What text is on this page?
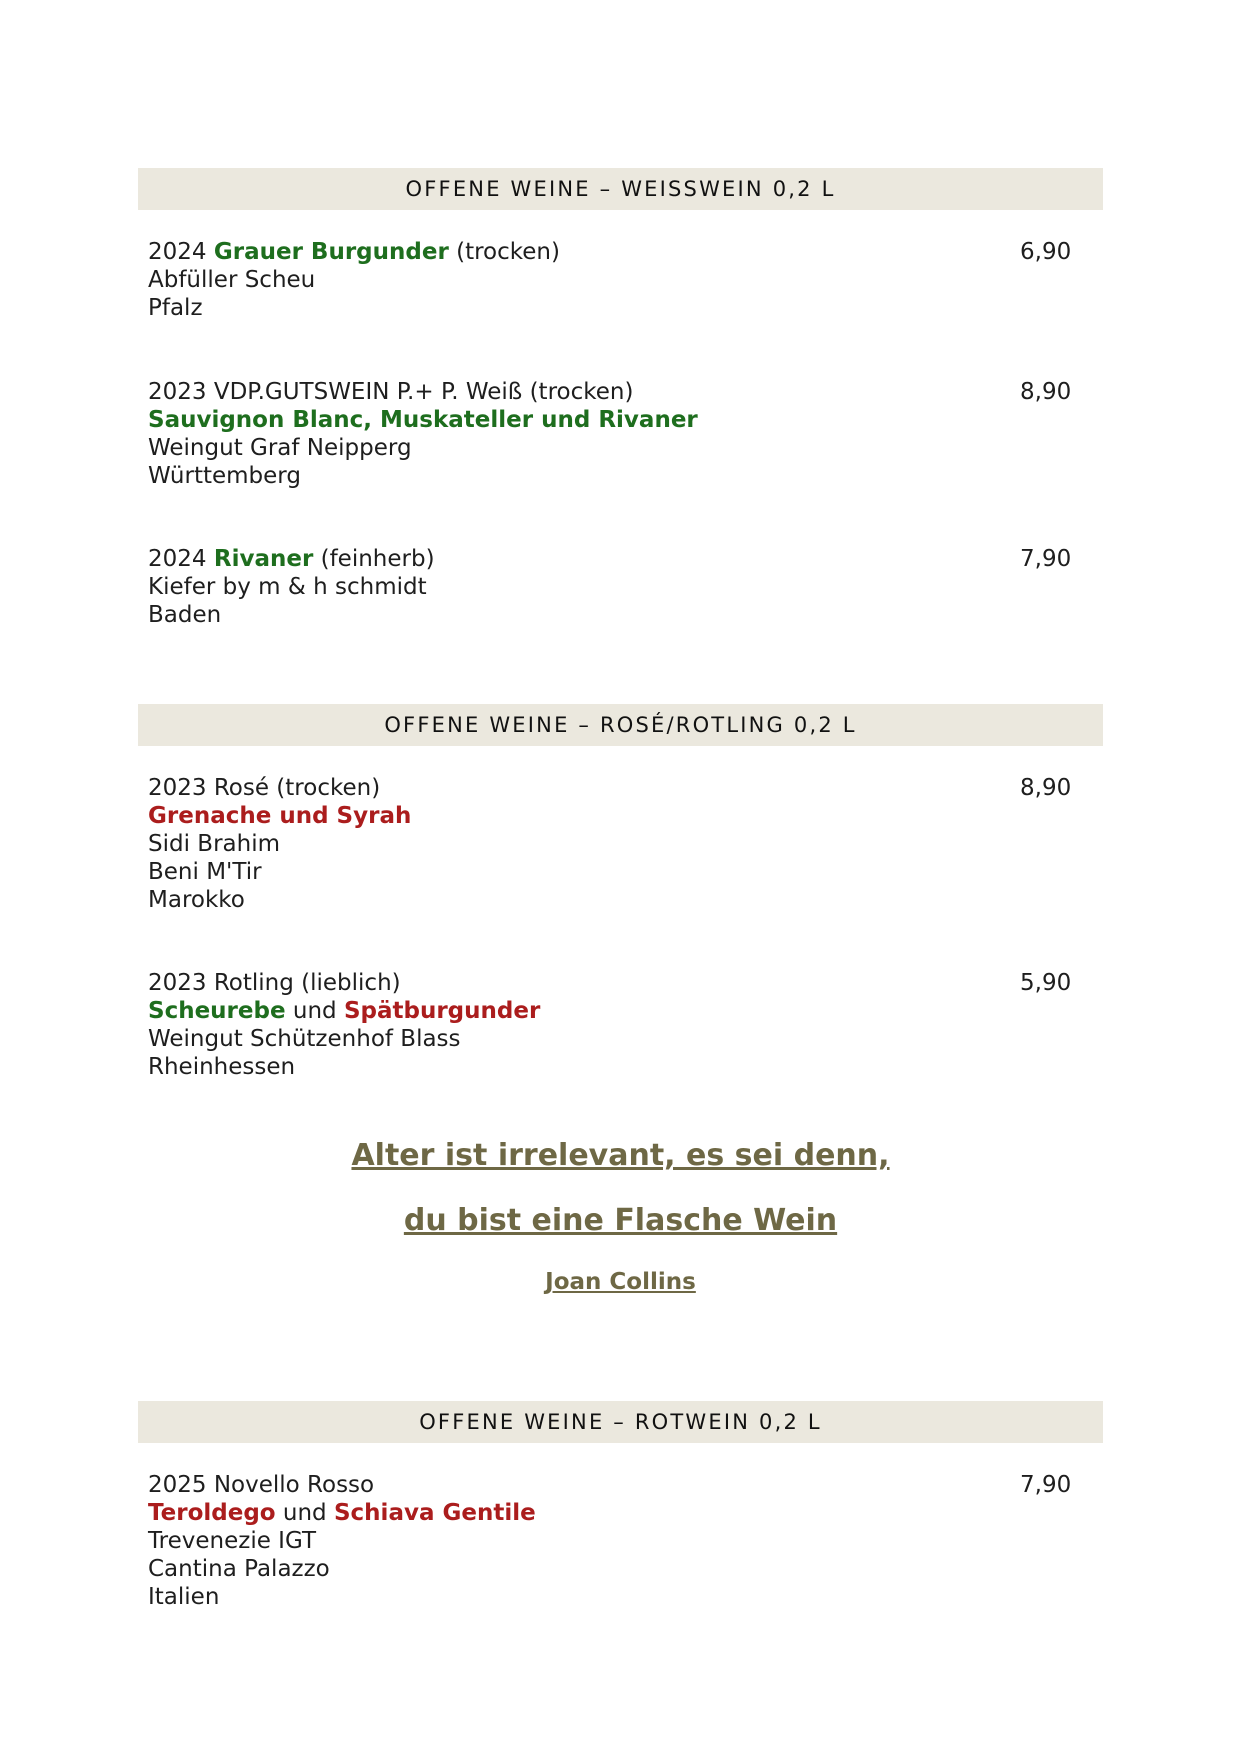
OFFENE WEINE – WEISSWEIN 0,2 L
2024 Grauer Burgunder (trocken)
Abfüller Scheu
Pfalz
6,90
2023 VDP.GUTSWEIN P.+ P. Weiß (trocken)
Sauvignon Blanc, Muskateller und Rivaner
Weingut Graf Neipperg
Württemberg
8,90
2024 Rivaner (feinherb)
Kiefer by m & h schmidt
Baden
7,90
OFFENE WEINE – ROSÉ/ROTLING 0,2 L
2023 Rosé (trocken)
Grenache und Syrah
Sidi Brahim
Beni M'Tir
Marokko
8,90
2023 Rotling (lieblich)
Scheurebe und Spätburgunder
Weingut Schützenhof Blass
Rheinhessen
5,90
Alter ist irrelevant, es sei denn,
du bist eine Flasche Wein
Joan Collins
OFFENE WEINE – ROTWEIN 0,2 L
2025 Novello Rosso
Teroldego und Schiava Gentile
Trevenezie IGT
Cantina Palazzo
Italien
7,90
